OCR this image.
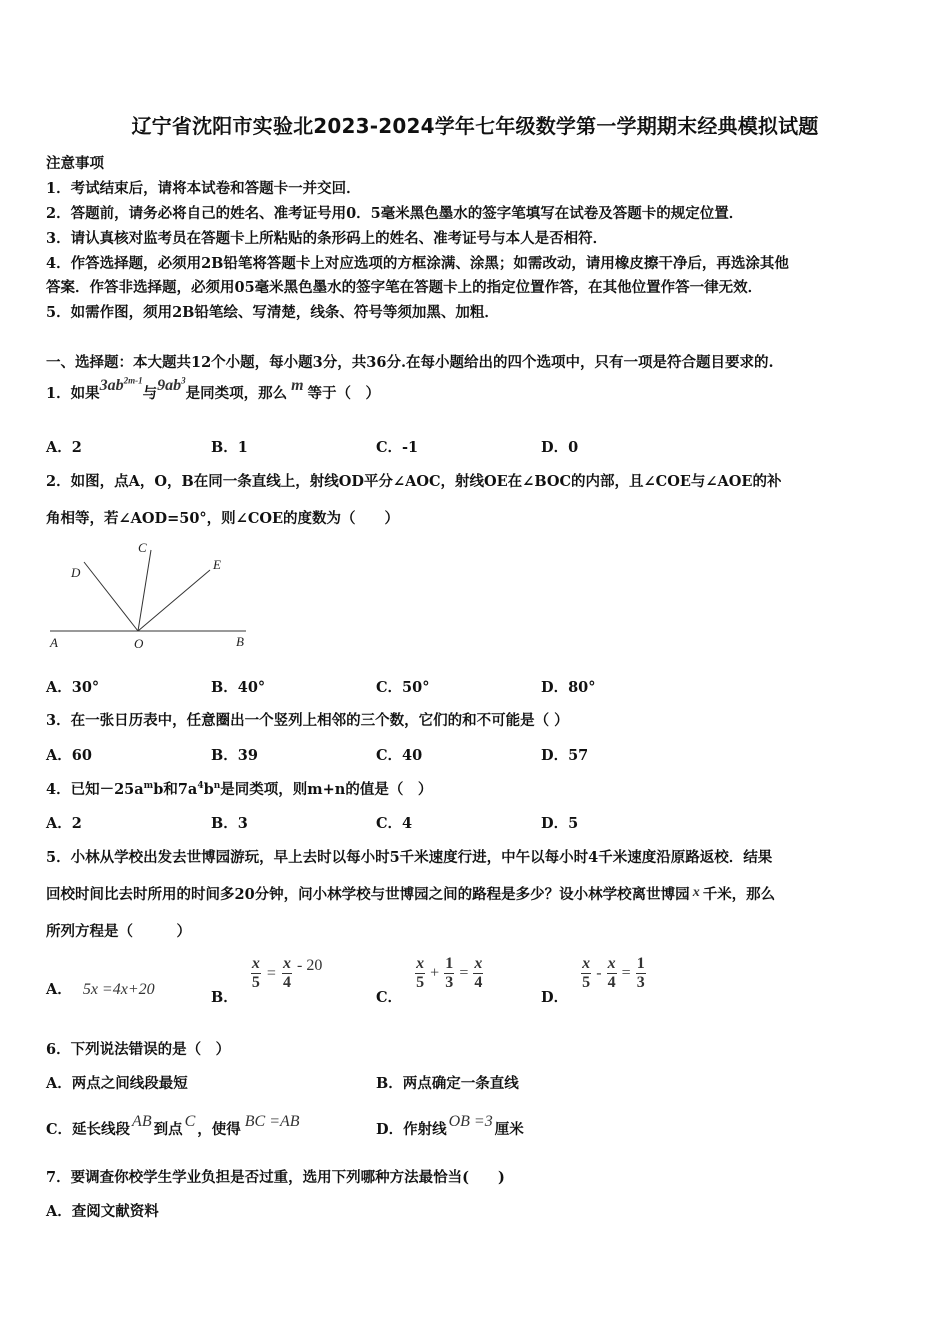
辽宁省沈阳市实验北2023-2024学年七年级数学第一学期期末经典模拟试题
注意事项
1．考试结束后，请将本试卷和答题卡一并交回．
2．答题前，请务必将自己的姓名、准考证号用0．5毫米黑色墨水的签字笔填写在试卷及答题卡的规定位置．
3．请认真核对监考员在答题卡上所粘贴的条形码上的姓名、准考证号与本人是否相符．
4．作答选择题，必须用2B铅笔将答题卡上对应选项的方框涂满、涂黑；如需改动，请用橡皮擦干净后，再选涂其他
答案．作答非选择题，必须用05毫米黑色墨水的签字笔在答题卡上的指定位置作答，在其他位置作答一律无效．
5．如需作图，须用2B铅笔绘、写清楚，线条、符号等须加黑、加粗．
一、选择题：本大题共12个小题，每小题3分，共36分.在每小题给出的四个选项中，只有一项是符合题目要求的.
1．如果$3ab^{2m-1}$与$9ab^3$是同类项，那么 m 等于（　）
A．2	B．1	C．-1	D．0
2．如图，点A，O，B在同一条直线上，射线OD平分∠AOC，射线OE在∠BOC的内部，且∠COE与∠AOE的补
角相等，若∠AOD=50°，则∠COE的度数为（　　）
C
D
E
A	O	B
A．30°	B．40°	C．50°	D．80°
3．在一张日历表中，任意圈出一个竖列上相邻的三个数，它们的和不可能是（ ）
A．60	B．39	C．40	D．57
4．已知$-25a^mb$和$7a^4b^n$是同类项，则m+n的值是（　）
A．2	B．3	C．4	D．5
5．小林从学校出发去世博园游玩，早上去时以每小时5千米速度行进，中午以每小时4千米速度沿原路返校．结果
回校时间比去时所用的时间多20分钟，问小林学校与世博园之间的路程是多少？设小林学校离世博园 x 千米，那么
所列方程是（　　　）
A． 5x =4x+20	B．
$\frac{x}{5} = \frac{x}{4} - 20$
C．
$\frac{x}{5} + \frac{1}{3} = \frac{x}{4}$
D．
$\frac{x}{5} - \frac{x}{4} = \frac{1}{3}$
6．下列说法错误的是（　）
A．两点之间线段最短	B．两点确定一条直线
C．延长线段 AB 到点 C ，使得 BC =AB	D．作射线 OB =3 厘米
7．要调查你校学生学业负担是否过重，选用下列哪种方法最恰当(　　)
A．查阅文献资料
